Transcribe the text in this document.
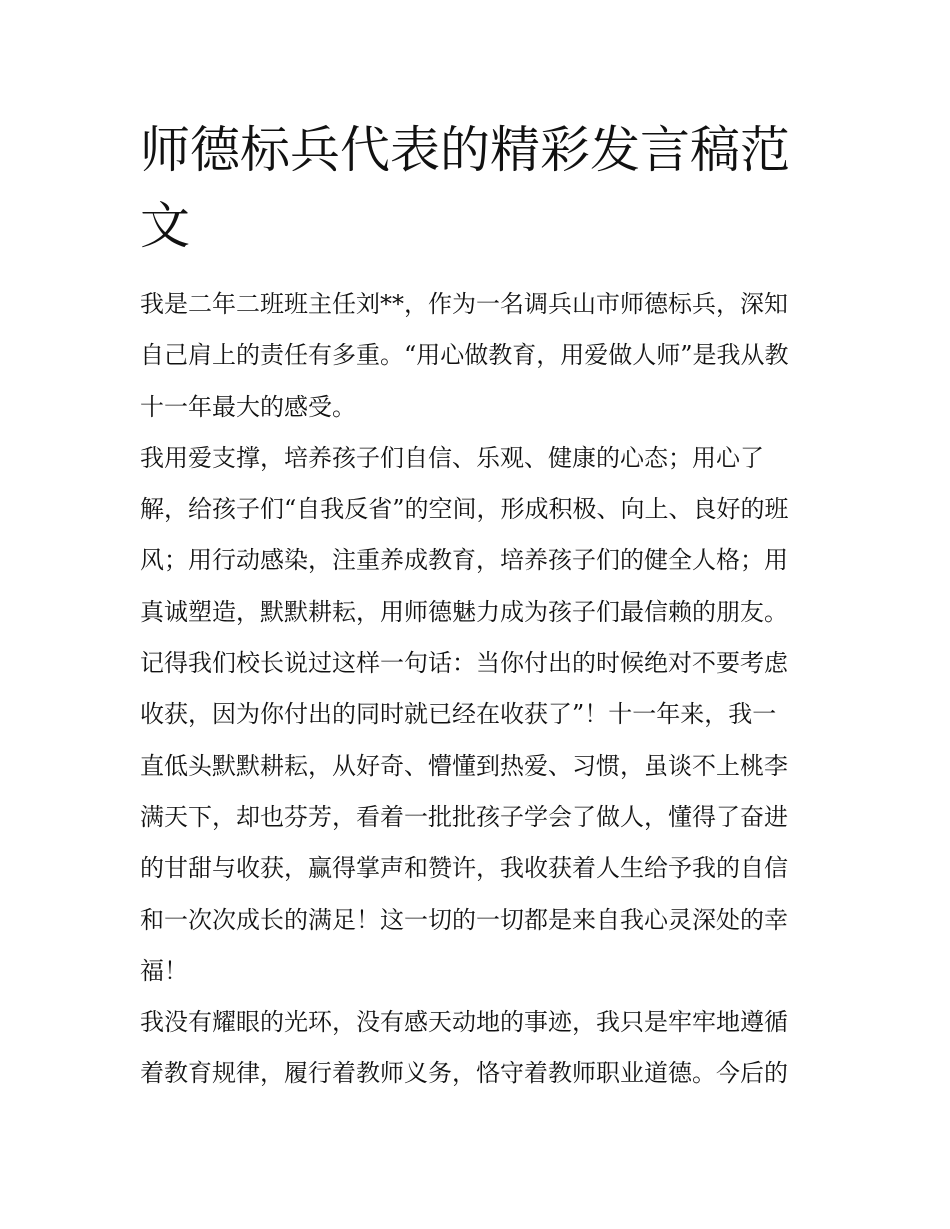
师德标兵代表的精彩发言稿范
文

我是二年二班班主任刘**，作为一名调兵山市师德标兵，深知
自己肩上的责任有多重。“用心做教育，用爱做人师”是我从教
十一年最大的感受。

我用爱支撑，培养孩子们自信、乐观、健康的心态；用心了
解，给孩子们“自我反省”的空间，形成积极、向上、良好的班
风；用行动感染，注重养成教育，培养孩子们的健全人格；用
真诚塑造，默默耕耘，用师德魅力成为孩子们最信赖的朋友。

记得我们校长说过这样一句话：当你付出的时候绝对不要考虑
收获，因为你付出的同时就已经在收获了”！十一年来，我一
直低头默默耕耘，从好奇、懵懂到热爱、习惯，虽谈不上桃李
满天下，却也芬芳，看着一批批孩子学会了做人，懂得了奋进
的甘甜与收获，赢得掌声和赞许，我收获着人生给予我的自信
和一次次成长的满足！这一切的一切都是来自我心灵深处的幸
福！

我没有耀眼的光环，没有感天动地的事迹，我只是牢牢地遵循
着教育规律，履行着教师义务，恪守着教师职业道德。今后的
